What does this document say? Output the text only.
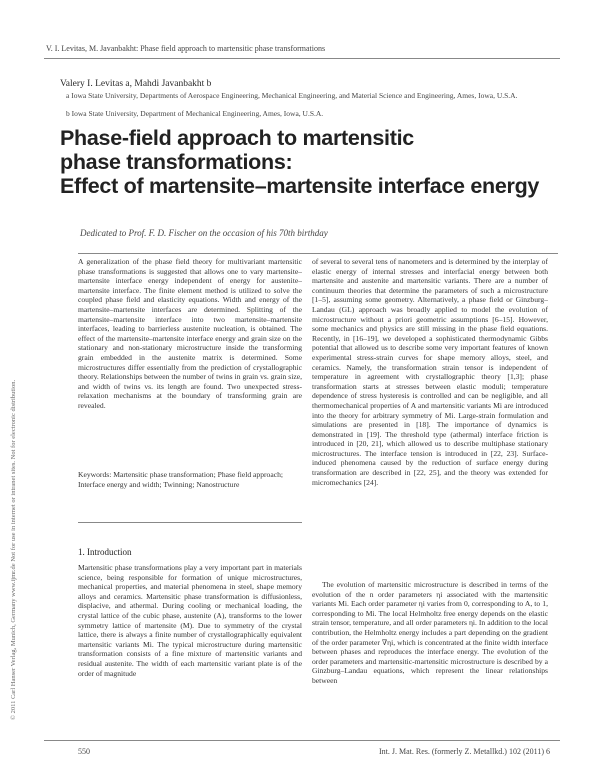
V. I. Levitas, M. Javanbakht: Phase field approach to martensitic phase transformations
Valery I. Levitas a, Mahdi Javanbakht b
a Iowa State University, Departments of Aerospace Engineering, Mechanical Engineering, and Material Science and Engineering, Ames, Iowa, U.S.A.
b Iowa State University, Department of Mechanical Engineering, Ames, Iowa, U.S.A.
Phase-field approach to martensitic
phase transformations:
Effect of martensite–martensite interface energy
Dedicated to Prof. F. D. Fischer on the occasion of his 70th birthday

A generalization of the phase field theory for multivariant martensitic phase transformations is suggested that allows one to vary martensite–martensite interface energy independent of energy for austenite–martensite interface. The finite element method is utilized to solve the coupled phase field and elasticity equations. Width and energy of the martensite–martensite interfaces are determined. Splitting of the martensite–martensite interface into two martensite–martensite interfaces, leading to barrierless austenite nucleation, is obtained. The effect of the martensite–martensite interface energy and grain size on the stationary and non-stationary microstructure inside the transforming grain embedded in the austenite matrix is determined. Some microstructures differ essentially from the prediction of crystallographic theory. Relationships between the number of twins in grain vs. grain size, and width of twins vs. its length are found. Two unexpected stress-relaxation mechanisms at the boundary of transforming grain are revealed.

Keywords: Martensitic phase transformation; Phase field approach; Interface energy and width; Twinning; Nanostructure
1. Introduction

Martensitic phase transformations play a very important part in materials science, being responsible for formation of unique microstructures, mechanical properties, and material phenomena in steel, shape memory alloys and ceramics. Martensitic phase transformation is diffusionless, displacive, and athermal. During cooling or mechanical loading, the crystal lattice of the cubic phase, austenite (A), transforms to the lower symmetry lattice of martensite (M). Due to symmetry of the crystal lattice, there is always a finite number of crystallographically equivalent martensitic variants Mi. The typical microstructure during martensitic transformation consists of a fine mixture of martensitic variants and residual austenite. The width of each martensitic variant plate is of the order of magnitude

of several to several tens of nanometers and is determined by the interplay of elastic energy of internal stresses and interfacial energy between both martensite and austenite and martensitic variants. There are a number of continuum theories that determine the parameters of such a microstructure [1–5], assuming some geometry. Alternatively, a phase field or Ginzburg–Landau (GL) approach was broadly applied to model the evolution of microstructure without a priori geometric assumptions [6–15]. However, some mechanics and physics are still missing in the phase field equations. Recently, in [16–19], we developed a sophisticated thermodynamic Gibbs potential that allowed us to describe some very important features of known experimental stress-strain curves for shape memory alloys, steel, and ceramics. Namely, the transformation strain tensor is independent of temperature in agreement with crystallographic theory [1,3]; phase transformation starts at stresses between elastic moduli; temperature dependence of stress hysteresis is controlled and can be negligible, and all thermomechanical properties of A and martensitic variants Mi are introduced into the theory for arbitrary symmetry of Mi. Large-strain formulation and simulations are presented in [18]. The importance of dynamics is demonstrated in [19]. The threshold type (athermal) interface friction is introduced in [20, 21], which allowed us to describe multiphase stationary microstructures. The interface tension is introduced in [22, 23]. Surface-induced phenomena caused by the reduction of surface energy during transformation are described in [22, 25], and the theory was extended for micromechanics [24].

The evolution of martensitic microstructure is described in terms of the evolution of the n order parameters ηi associated with the martensitic variants Mi. Each order parameter ηi varies from 0, corresponding to A, to 1, corresponding to Mi. The local Helmholtz free energy depends on the elastic strain tensor, temperature, and all order parameters ηi. In addition to the local contribution, the Helmholtz energy includes a part depending on the gradient of the order parameter ∇ηi, which is concentrated at the finite width interface between phases and reproduces the interface energy. The evolution of the order parameters and martensitic-martensitic microstructure is described by a Ginzburg–Landau equations, which represent the linear relationships between

© 2011 Carl Hanser Verlag, Munich, Germany www.ijmr.de Not for use in internet or intranet sites. Not for electronic distribution.
550	Int. J. Mat. Res. (formerly Z. Metallkd.) 102 (2011) 6
